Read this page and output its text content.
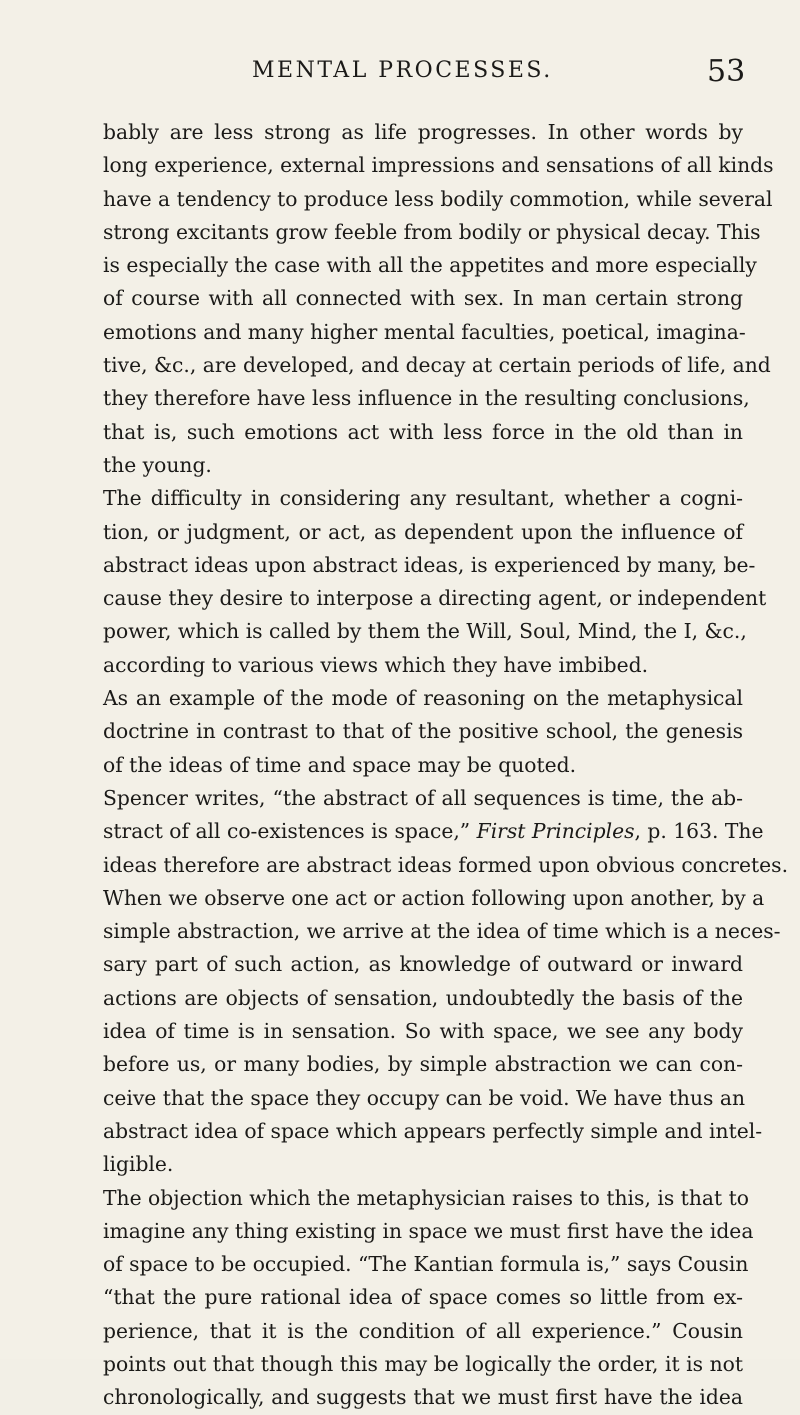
MENTAL PROCESSES.	53
bably are less strong as life progresses. In other words by
long experience, external impressions and sensations of all kinds
have a tendency to produce less bodily commotion, while several
strong excitants grow feeble from bodily or physical decay. This
is especially the case with all the appetites and more especially
of course with all connected with sex. In man certain strong
emotions and many higher mental faculties, poetical, imagina-
tive, &c., are developed, and decay at certain periods of life, and
they therefore have less influence in the resulting conclusions,
that is, such emotions act with less force in the old than in
the young.
The difficulty in considering any resultant, whether a cogni-
tion, or judgment, or act, as dependent upon the influence of
abstract ideas upon abstract ideas, is experienced by many, be-
cause they desire to interpose a directing agent, or independent
power, which is called by them the Will, Soul, Mind, the I, &c.,
according to various views which they have imbibed.
As an example of the mode of reasoning on the metaphysical
doctrine in contrast to that of the positive school, the genesis
of the ideas of time and space may be quoted.
Spencer writes, “the abstract of all sequences is time, the ab-
stract of all co-existences is space,” First Principles, p. 163. The
ideas therefore are abstract ideas formed upon obvious concretes.
When we observe one act or action following upon another, by a
simple abstraction, we arrive at the idea of time which is a neces-
sary part of such action, as knowledge of outward or inward
actions are objects of sensation, undoubtedly the basis of the
idea of time is in sensation. So with space, we see any body
before us, or many bodies, by simple abstraction we can con-
ceive that the space they occupy can be void. We have thus an
abstract idea of space which appears perfectly simple and intel-
ligible.
The objection which the metaphysician raises to this, is that to
imagine any thing existing in space we must first have the idea
of space to be occupied. “The Kantian formula is,” says Cousin
“that the pure rational idea of space comes so little from ex-
perience, that it is the condition of all experience.” Cousin
points out that though this may be logically the order, it is not
chronologically, and suggests that we must first have the idea
